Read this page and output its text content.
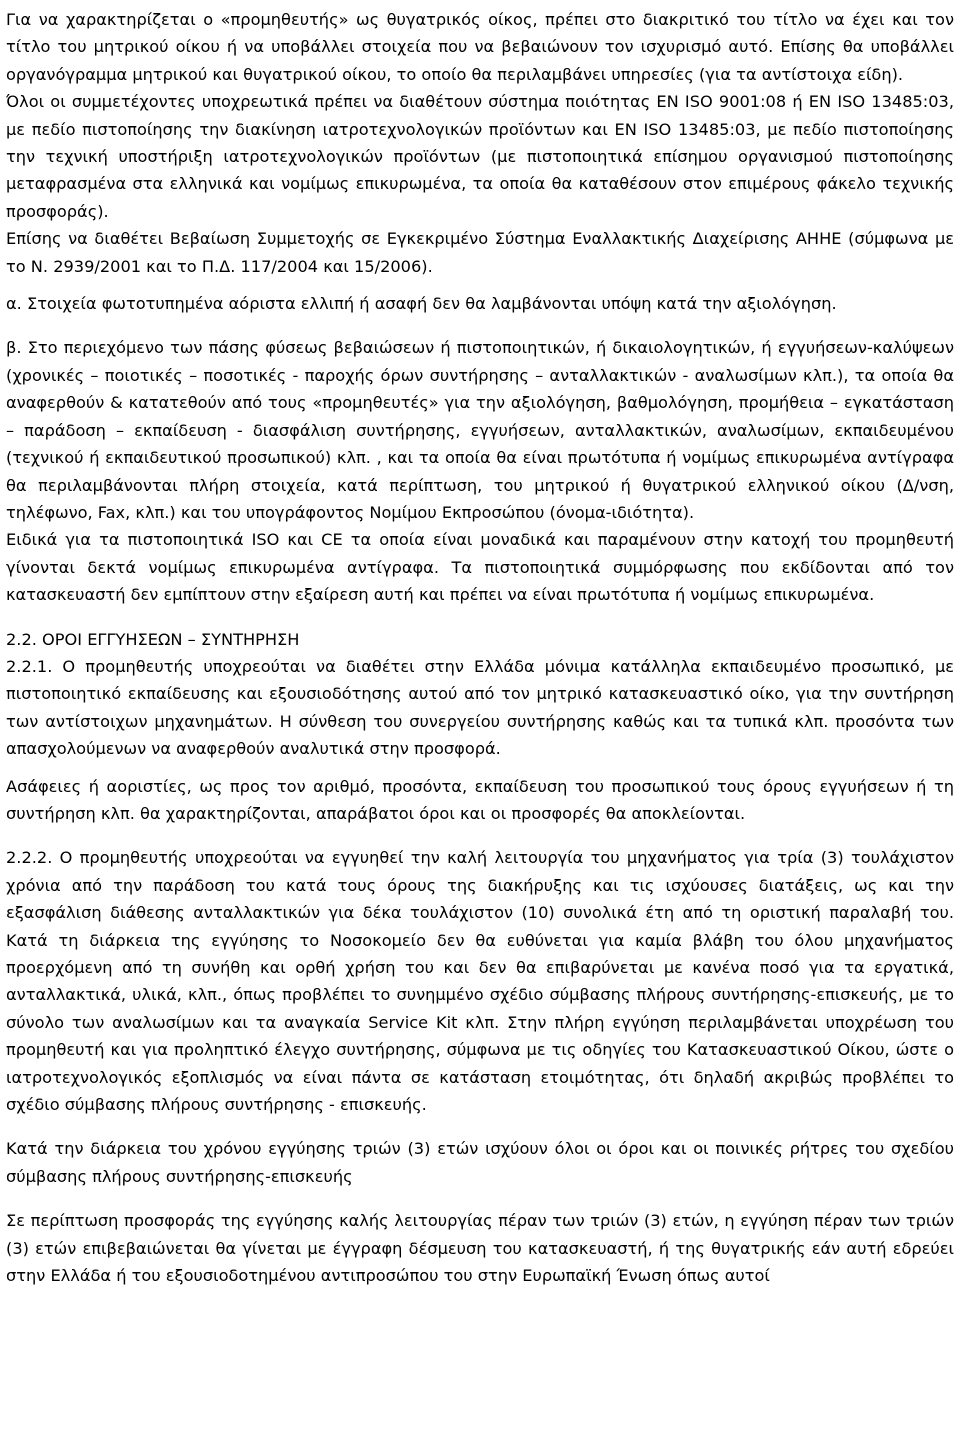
Για να χαρακτηρίζεται ο «προμηθευτής» ως θυγατρικός οίκος, πρέπει στο διακριτικό του τίτλο να έχει και τον τίτλο του μητρικού οίκου ή να υποβάλλει στοιχεία που να βεβαιώνουν τον ισχυρισμό αυτό. Επίσης θα υποβάλλει οργανόγραμμα μητρικού και θυγατρικού οίκου, το οποίο θα περιλαμβάνει υπηρεσίες (για τα αντίστοιχα είδη).

Όλοι οι συμμετέχοντες υποχρεωτικά πρέπει να διαθέτουν σύστημα ποιότητας EN ISO 9001:08 ή EN ISO 13485:03, με πεδίο πιστοποίησης την διακίνηση ιατροτεχνολογικών προϊόντων και EN ISO 13485:03, με πεδίο πιστοποίησης την τεχνική υποστήριξη ιατροτεχνολογικών προϊόντων (με πιστοποιητικά επίσημου οργανισμού πιστοποίησης μεταφρασμένα στα ελληνικά και νομίμως επικυρωμένα, τα οποία θα καταθέσουν στον επιμέρους φάκελο τεχνικής προσφοράς).

Επίσης να διαθέτει Βεβαίωση Συμμετοχής σε Εγκεκριμένο Σύστημα Εναλλακτικής Διαχείρισης ΑΗΗΕ (σύμφωνα με το Ν. 2939/2001 και το Π.Δ. 117/2004 και 15/2006).

α. Στοιχεία φωτοτυπημένα αόριστα ελλιπή ή ασαφή δεν θα λαμβάνονται υπόψη κατά την αξιολόγηση.

β. Στο περιεχόμενο των πάσης φύσεως βεβαιώσεων ή πιστοποιητικών, ή δικαιολογητικών, ή εγγυήσεων-καλύψεων (χρονικές – ποιοτικές – ποσοτικές - παροχής όρων συντήρησης – ανταλλακτικών - αναλωσίμων κλπ.), τα οποία θα αναφερθούν & κατατεθούν από τους «προμηθευτές» για την αξιολόγηση, βαθμολόγηση, προμήθεια – εγκατάσταση – παράδοση – εκπαίδευση - διασφάλιση συντήρησης, εγγυήσεων, ανταλλακτικών, αναλωσίμων, εκπαιδευμένου (τεχνικού ή εκπαιδευτικού προσωπικού) κλπ. , και τα οποία θα είναι πρωτότυπα ή νομίμως επικυρωμένα αντίγραφα θα περιλαμβάνονται πλήρη στοιχεία, κατά περίπτωση, του μητρικού ή θυγατρικού ελληνικού οίκου (Δ/νση, τηλέφωνο, Fax, κλπ.) και του υπογράφοντος Νομίμου Εκπροσώπου (όνομα-ιδιότητα).

Ειδικά για τα πιστοποιητικά ISO και CE τα οποία είναι μοναδικά και παραμένουν στην κατοχή του προμηθευτή γίνονται δεκτά νομίμως επικυρωμένα αντίγραφα. Τα πιστοποιητικά συμμόρφωσης που εκδίδονται από τον κατασκευαστή δεν εμπίπτουν στην εξαίρεση αυτή και πρέπει να είναι πρωτότυπα ή νομίμως επικυρωμένα.

2.2. ΟΡΟΙ ΕΓΓΥΗΣΕΩΝ – ΣΥΝΤΗΡΗΣΗ

2.2.1. Ο προμηθευτής υποχρεούται να διαθέτει στην Ελλάδα μόνιμα κατάλληλα εκπαιδευμένο προσωπικό, με πιστοποιητικό εκπαίδευσης και εξουσιοδότησης αυτού από τον μητρικό κατασκευαστικό οίκο, για την συντήρηση των αντίστοιχων μηχανημάτων. Η σύνθεση του συνεργείου συντήρησης καθώς και τα τυπικά κλπ. προσόντα των απασχολούμενων να αναφερθούν αναλυτικά στην προσφορά.

Ασάφειες ή αοριστίες, ως προς τον αριθμό, προσόντα, εκπαίδευση του προσωπικού τους όρους εγγυήσεων ή τη συντήρηση κλπ. θα χαρακτηρίζονται, απαράβατοι όροι και οι προσφορές θα αποκλείονται.

2.2.2. Ο προμηθευτής υποχρεούται να εγγυηθεί την καλή λειτουργία του μηχανήματος για τρία (3) τουλάχιστον χρόνια από την παράδοση του κατά τους όρους της διακήρυξης και τις ισχύουσες διατάξεις, ως και την εξασφάλιση διάθεσης ανταλλακτικών για δέκα τουλάχιστον (10) συνολικά έτη από τη οριστική παραλαβή του. Κατά τη διάρκεια της εγγύησης τo Νοσοκομείο δεν θα ευθύνεται για καμία βλάβη του όλου μηχανήματος προερχόμενη από τη συνήθη και ορθή χρήση του και δεν θα επιβαρύνεται με κανένα ποσό για τα εργατικά, ανταλλακτικά, υλικά, κλπ., όπως προβλέπει το συνημμένο σχέδιο σύμβασης πλήρους συντήρησης-επισκευής, με το σύνολο των αναλωσίμων και τα αναγκαία Service Kit κλπ. Στην πλήρη εγγύηση περιλαμβάνεται υποχρέωση του προμηθευτή και για προληπτικό έλεγχο συντήρησης, σύμφωνα με τις οδηγίες του Κατασκευαστικού Οίκου, ώστε ο ιατροτεχνολογικός εξοπλισμός να είναι πάντα σε κατάσταση ετοιμότητας, ότι δηλαδή ακριβώς προβλέπει το σχέδιο σύμβασης πλήρους συντήρησης - επισκευής.

Κατά την διάρκεια του χρόνου εγγύησης τριών (3) ετών ισχύουν όλοι οι όροι και οι ποινικές ρήτρες του σχεδίου σύμβασης πλήρους συντήρησης-επισκευής

Σε περίπτωση προσφοράς της εγγύησης καλής λειτουργίας πέραν των τριών (3) ετών, η εγγύηση πέραν των τριών (3) ετών επιβεβαιώνεται θα γίνεται με έγγραφη δέσμευση του κατασκευαστή, ή της θυγατρικής εάν αυτή εδρεύει στην Ελλάδα ή του εξουσιοδοτημένου αντιπροσώπου του στην Ευρωπαϊκή Ένωση όπως αυτοί
